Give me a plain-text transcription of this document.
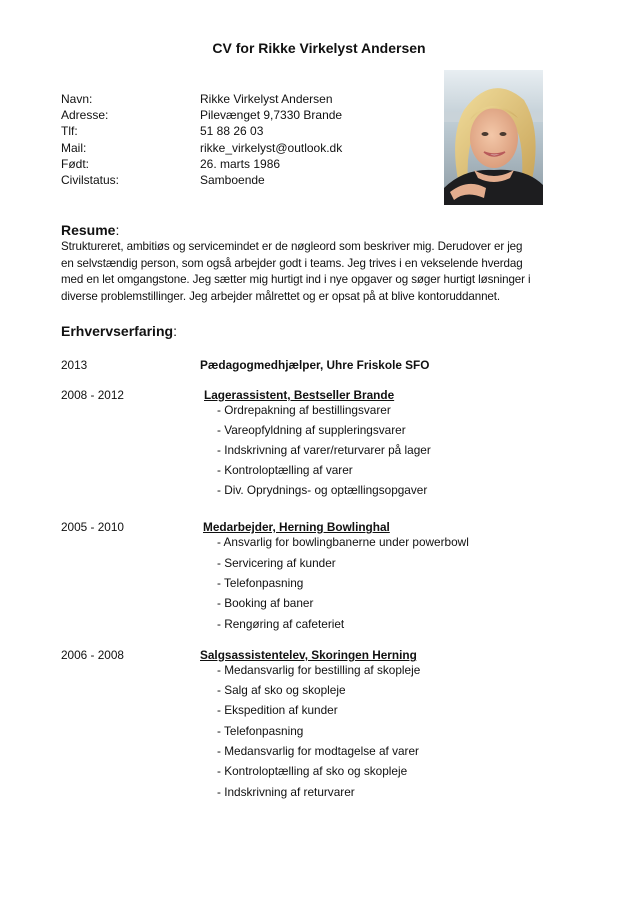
CV for Rikke Virkelyst Andersen
Navn:	Rikke Virkelyst Andersen
Adresse:	Pilevænget 9,7330 Brande
Tlf:	51 88 26 03
Mail:	rikke_virkelyst@outlook.dk
Født:	26. marts 1986
Civilstatus:	Samboende
Resume:
Struktureret, ambitiøs og servicemindet er de nøgleord som beskriver mig. Derudover er jeg
en selvstændig person, som også arbejder godt i teams. Jeg trives i en vekselende hverdag
med en let omgangstone. Jeg sætter mig hurtigt ind i nye opgaver og søger hurtigt løsninger i
diverse problemstillinger. Jeg arbejder målrettet og er opsat på at blive kontoruddannet.
Erhvervserfaring:
2013	Pædagogmedhjælper, Uhre Friskole SFO
2008 - 2012	Lagerassistent, Bestseller Brande
- Ordrepakning af bestillingsvarer
- Vareopfyldning af suppleringsvarer
- Indskrivning af varer/returvarer på lager
- Kontroloptælling af varer
- Div. Oprydnings- og optællingsopgaver
2005 - 2010	Medarbejder, Herning Bowlinghal
- Ansvarlig for bowlingbanerne under powerbowl
- Servicering af kunder
- Telefonpasning
- Booking af baner
- Rengøring af cafeteriet
2006 - 2008	Salgsassistentelev, Skoringen Herning
- Medansvarlig for bestilling af skopleje
- Salg af sko og skopleje
- Ekspedition af kunder
- Telefonpasning
- Medansvarlig for modtagelse af varer
- Kontroloptælling af sko og skopleje
- Indskrivning af returvarer
